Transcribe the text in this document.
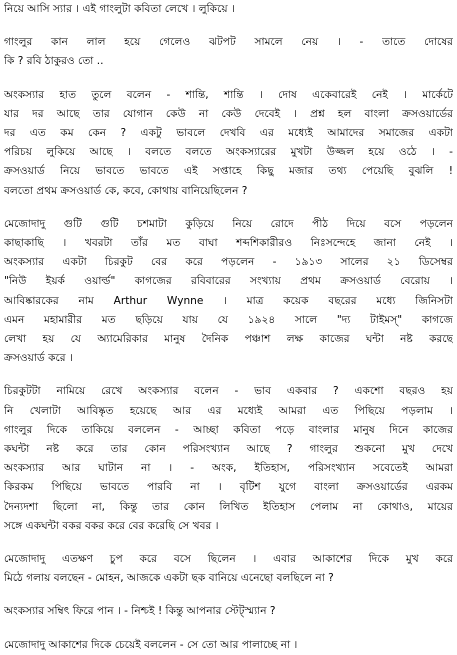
নিয়ে আসি স্যার । এই গাংলুটা কবিতা লেখে । লুকিয়ে ।
গাংলুর কান লাল হয়ে গেলেও ঝটপট সামলে নেয় । - তাতে দোষের
কি ? রবি ঠাকুরও তো ..
অংকস্যার হাত তুলে বলেন - শান্তি, শান্তি । দোষ একেবারেই নেই । মার্কেটে
যার দর আছে তার যোগান কেউ না কেউ দেবেই । প্রশ্ন হল বাংলা ক্রসওয়ার্ডের
দর এত কম কেন ? একটু ভাবলে দেখবি এর মধ্যেই আমাদের সমাজের একটা
পরিচয় লুকিয়ে আছে । বলতে বলতে অংকস্যারের মুখটা উজ্জল হয়ে ওঠে । -
ক্রসওয়ার্ড নিয়ে ভাবতে ভাবতে এই সপ্তাহে কিছু মজার তথ্য পেয়েছি বুঝলি !
বলতো প্রথম ক্রসওয়ার্ড কে, কবে, কোথায় বানিয়েছিলেন ?
মেজোদাদু গুটি গুটি চশমাটা কুড়িয়ে নিয়ে রোদে পীঠ দিয়ে বসে পড়লেন
কাছাকাছি । খবরটা তাঁর মত বাঘা শব্দশিকারীরও নিঃসন্দেহে জানা নেই ।
অংকস্যার একটা চিরকুট বের করে পড়লেন - ১৯১৩ সালের ২১ ডিসেম্বর
"নিউ ইয়র্ক ওয়ার্ল্ড" কাগজের রবিবারের সংখ্যায় প্রথম ক্রসওয়ার্ড বেরোয় ।
আবিষ্কারকের নাম Arthur Wynne । মাত্র কয়েক বছরের মধ্যে জিনিসটা
এমন মহামারীর মত ছড়িয়ে যায় যে ১৯২৪ সালে "দ্য টাইমস্" কাগজে
লেখা হয় যে অ্যামেরিকার মানুষ দৈনিক পঞ্চাশ লক্ষ কাজের ঘন্টা নষ্ট করছে
ক্রসওয়ার্ড করে ।
চিরকুটটা নামিয়ে রেখে অংকস্যার বলেন - ভাব একবার ? একশো বছরও হয়
নি খেলাটা আবিষ্কৃত হয়েছে আর এর মধ্যেই আমরা এত পিছিয়ে পড়লাম ।
গাংলুর দিকে তাকিয়ে বললেন - আচ্ছা কবিতা পড়ে বাংলার মানুষ দিনে কাজের
কঘন্টা নষ্ট করে তার কোন পরিসংখ্যান আছে ? গাংলুর শুকনো মুখ দেখে
অংকস্যার আর ঘাটান না । - অংক, ইতিহাস, পরিসংখ্যান সবেতেই আমরা
কিরকম পিছিয়ে ভাবতে পারবি না । বৃটিশ যুগে বাংলা ক্রসওয়ার্ডের এরকম
দৈন্যদশা ছিলো না, কিন্তু তার কোন লিখিত ইতিহাস পেলাম না কোথাও, মায়ের
সঙ্গে একঘন্টা বকর বকর করে বের করেছি সে খবর ।
মেজোদাদু এতক্ষণ চুপ করে বসে ছিলেন । এবার আকাশের দিকে মুখ করে
মিঠে গলায় বলছেন - মোহন, আজকে একটা ছক বানিয়ে এনেছো বলছিলে না ?
অংকস্যার সম্বিৎ ফিরে পান । - নিশ্চই ! কিন্তু আপনার স্টেট্স্ম্যান ?
মেজোদাদু আকাশের দিকে চেয়েই বললেন - সে তো আর পালাচ্ছে না ।
